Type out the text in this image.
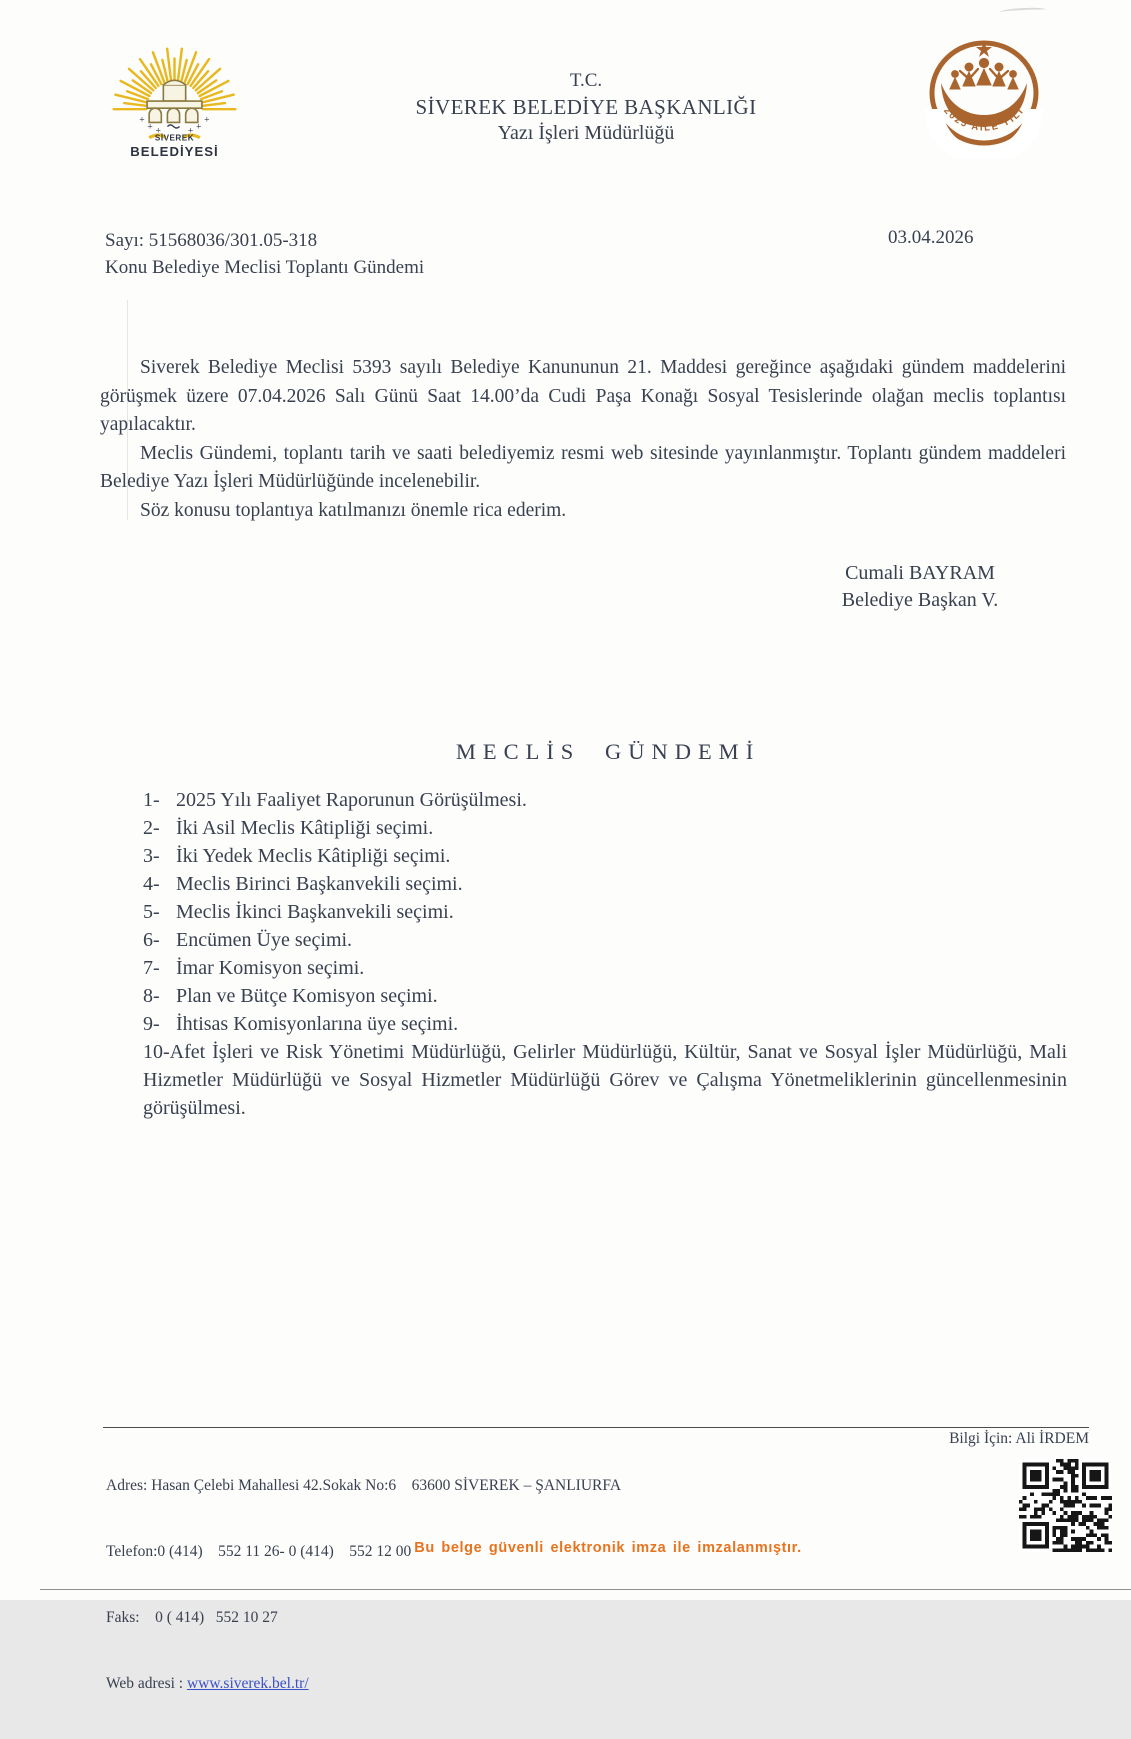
+
+ +
+
+
+
SİVEREK
BELEDİYESİ
2025 AİLE YILI
T.C.
SİVEREK BELEDİYE BAŞKANLIĞI
Yazı İşleri Müdürlüğü
Sayı: 51568036/301.05-318
Konu Belediye Meclisi Toplantı Gündemi
03.04.2026

Siverek Belediye Meclisi 5393 sayılı Belediye Kanununun 21. Maddesi gereğince aşağıdaki gündem maddelerini görüşmek üzere 07.04.2026 Salı Günü Saat 14.00’da Cudi Paşa Konağı Sosyal Tesislerinde olağan meclis toplantısı yapılacaktır.

Meclis Gündemi, toplantı tarih ve saati belediyemiz resmi web sitesinde yayınlanmıştır. Toplantı gündem maddeleri Belediye Yazı İşleri Müdürlüğünde incelenebilir.

Söz konusu toplantıya katılmanızı önemle rica ederim.

Cumali BAYRAM
Belediye Başkan V.
MECLİS GÜNDEMİ
1- 2025 Yılı Faaliyet Raporunun Görüşülmesi.
2- İki Asil Meclis Kâtipliği seçimi.
3- İki Yedek Meclis Kâtipliği seçimi.
4- Meclis Birinci Başkanvekili seçimi.
5- Meclis İkinci Başkanvekili seçimi.
6- Encümen Üye seçimi.
7- İmar Komisyon seçimi.
8- Plan ve Bütçe Komisyon seçimi.
9- İhtisas Komisyonlarına üye seçimi.
10-Afet İşleri ve Risk Yönetimi Müdürlüğü, Gelirler Müdürlüğü, Kültür, Sanat ve Sosyal İşler Müdürlüğü, Mali Hizmetler Müdürlüğü ve Sosyal Hizmetler Müdürlüğü Görev ve Çalışma Yönetmeliklerinin güncellenmesinin görüşülmesi.

Adres: Hasan Çelebi Mahallesi 42.Sokak No:6    63600 SİVEREK – ŞANLIURFA

Telefon:0 (414)    552 11 26- 0 (414)    552 12 00

Faks:    0 ( 414)   552 10 27

Web adresi : www.siverek.bel.tr/

Bilgi İçin: Ali İRDEM
Bu belge güvenli elektronik imza ile imzalanmıştır.
